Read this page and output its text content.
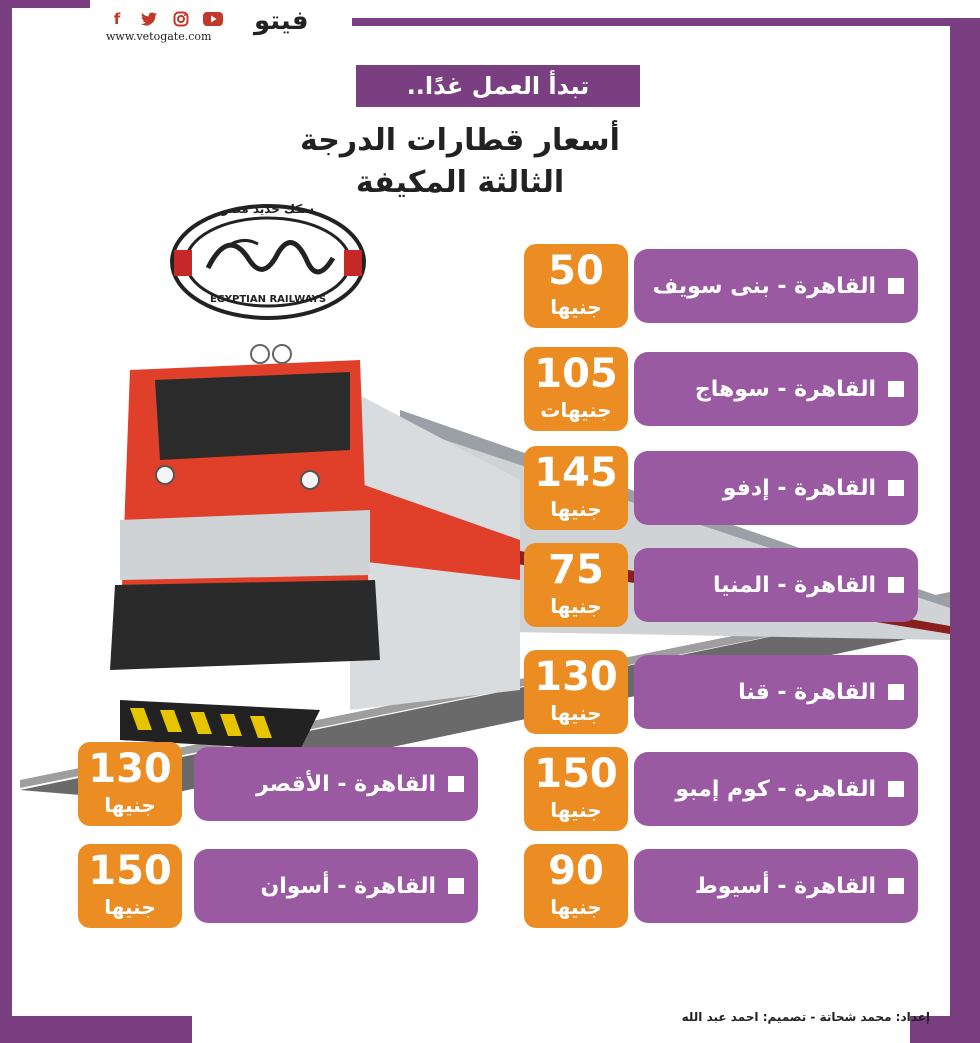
f
www.vetogate.com
فيتو
تبدأ العمل غدًا..
أسعار قطارات الدرجة
الثالثة المكيفة
سكك حديد مصر
EGYPTIAN RAILWAYS
القاهرة - بنى سويف
50
جنيها
القاهرة - سوهاج
105
جنيهات
القاهرة - إدفو
145
جنيها
القاهرة - المنيا
75
جنيها
القاهرة - قنا
130
جنيها
القاهرة - كوم إمبو
150
جنيها
القاهرة - أسيوط
90
جنيها
القاهرة - الأقصر
130
جنيها
القاهرة - أسوان
150
جنيها
إعداد: محمد شحاتة - تصميم: احمد عبد الله
